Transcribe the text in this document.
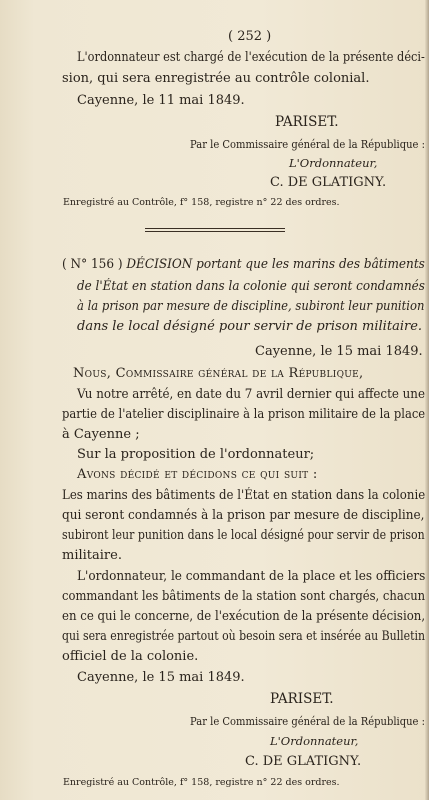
( 252 )
L'ordonnateur est chargé de l'exécution de la présente déci-
sion, qui sera enregistrée au contrôle colonial.
Cayenne, le 11 mai 1849.
PARISET.
Par le Commissaire général de la République :
L'Ordonnateur,
C. DE GLATIGNY.
Enregistré au Contrôle, f° 158, registre n° 22 des ordres.
( N° 156 ) DÉCISION portant que les marins des bâtiments
de l'État en station dans la colonie qui seront condamnés
à la prison par mesure de discipline, subiront leur punition
dans le local désigné pour servir de prison militaire.
Cayenne, le 15 mai 1849.
Nous, Commissaire général de la République,
Vu notre arrêté, en date du 7 avril dernier qui affecte une
partie de l'atelier disciplinaire à la prison militaire de la place
à Cayenne ;
Sur la proposition de l'ordonnateur;
Avons décidé et décidons ce qui suit :
Les marins des bâtiments de l'État en station dans la colonie
qui seront condamnés à la prison par mesure de discipline,
subiront leur punition dans le local désigné pour servir de prison
militaire.
L'ordonnateur, le commandant de la place et les officiers
commandant les bâtiments de la station sont chargés, chacun
en ce qui le concerne, de l'exécution de la présente décision,
qui sera enregistrée partout où besoin sera et insérée au Bulletin
officiel de la colonie.
Cayenne, le 15 mai 1849.
PARISET.
Par le Commissaire général de la République :
L'Ordonnateur,
C. DE GLATIGNY.
Enregistré au Contrôle, f° 158, registre n° 22 des ordres.
